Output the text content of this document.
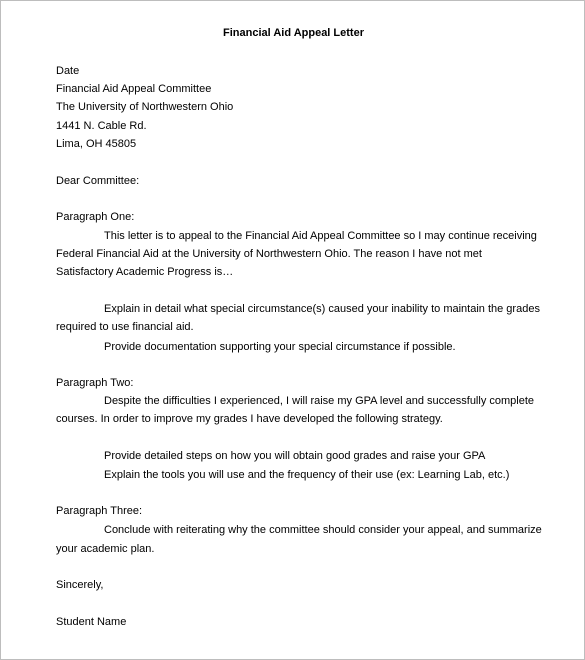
Financial Aid Appeal Letter
Date
Financial Aid Appeal Committee
The University of Northwestern Ohio
1441 N. Cable Rd.
Lima, OH 45805
Dear Committee:
Paragraph One:
This letter is to appeal to the Financial Aid Appeal Committee so I may continue receiving
Federal Financial Aid at the University of Northwestern Ohio. The reason I have not met
Satisfactory Academic Progress is…
Explain in detail what special circumstance(s) caused your inability to maintain the grades
required to use financial aid.
Provide documentation supporting your special circumstance if possible.
Paragraph Two:
Despite the difficulties I experienced, I will raise my GPA level and successfully complete
courses. In order to improve my grades I have developed the following strategy.
Provide detailed steps on how you will obtain good grades and raise your GPA
Explain the tools you will use and the frequency of their use (ex: Learning Lab, etc.)
Paragraph Three:
Conclude with reiterating why the committee should consider your appeal, and summarize
your academic plan.
Sincerely,
Student Name
